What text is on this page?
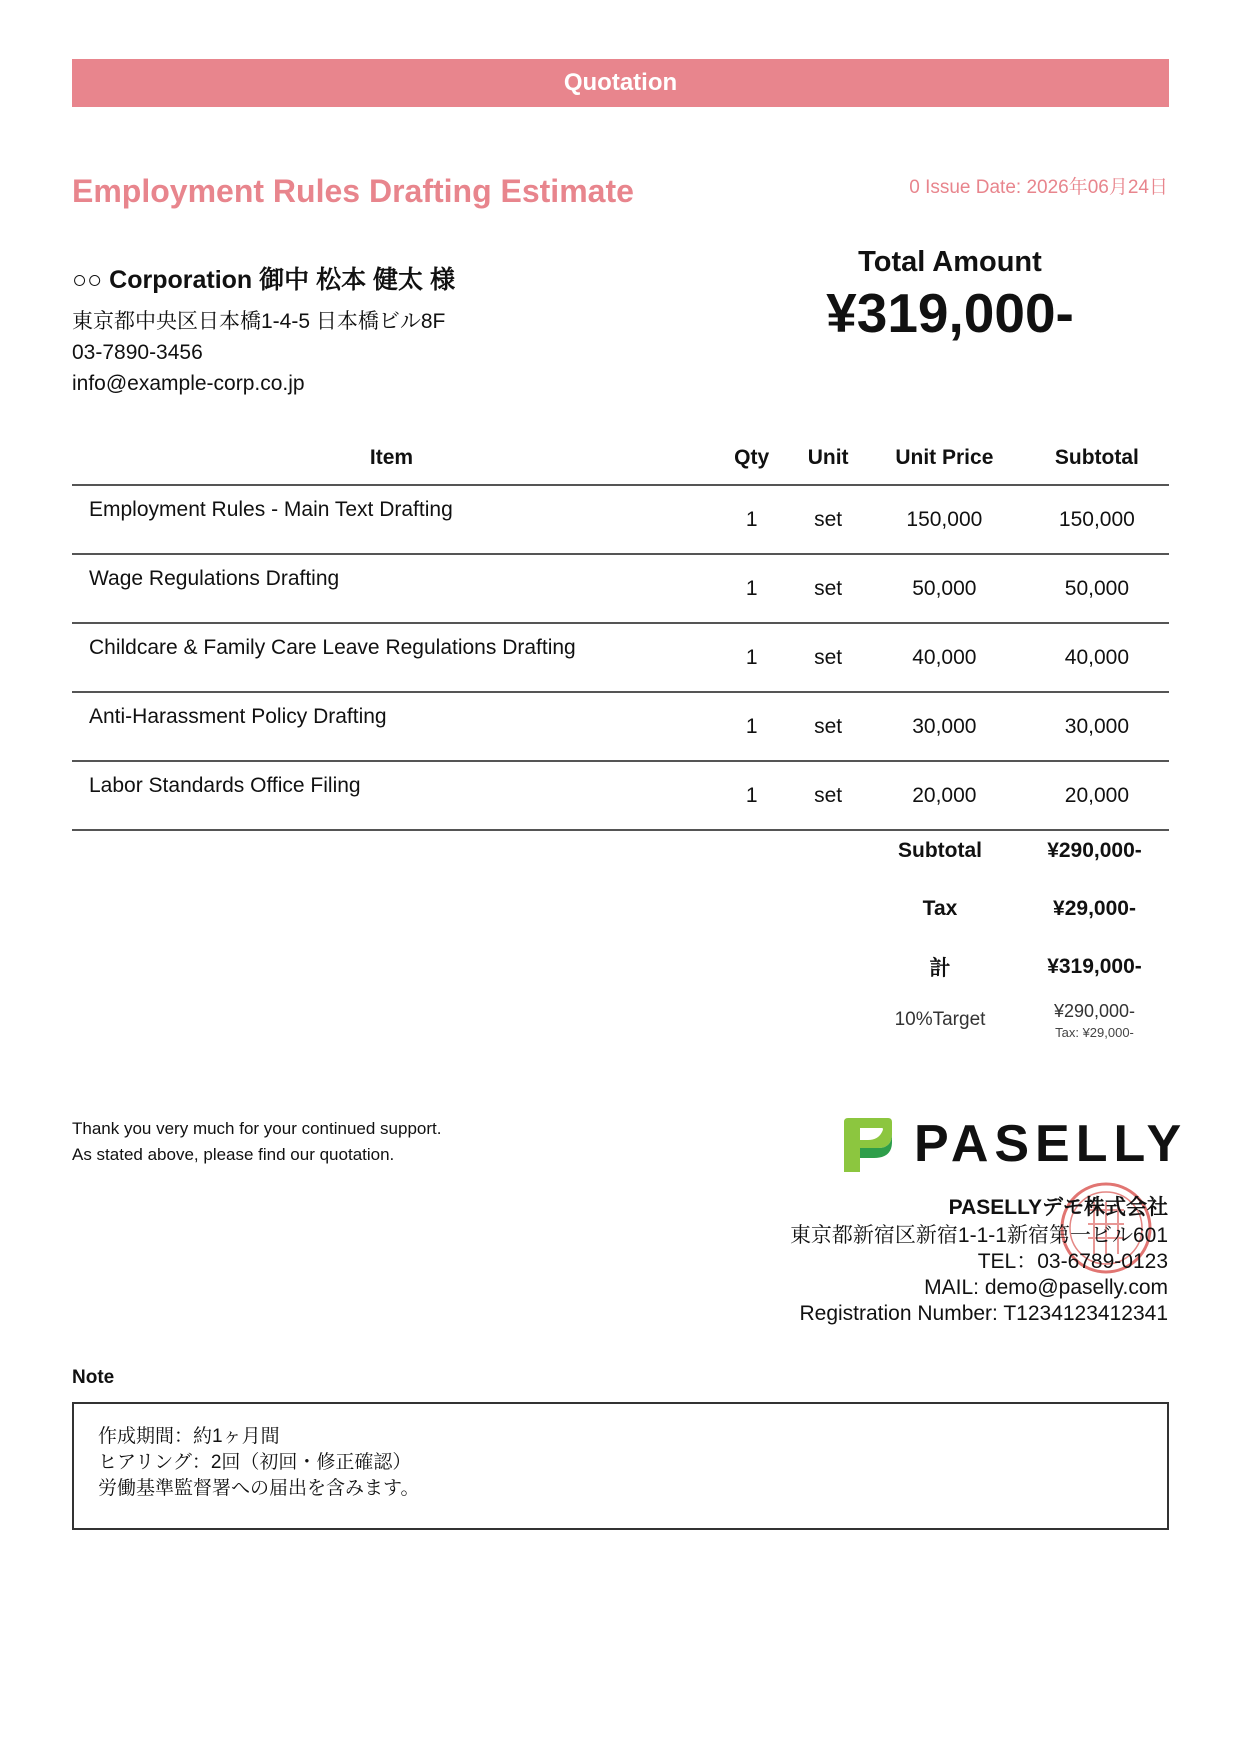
Quotation
Employment Rules Drafting Estimate	0 Issue Date: 2026年06月24日
○○ Corporation 御中 松本 健太 様
東京都中央区日本橋1-4-5 日本橋ビル8F
03-7890-3456
info@example-corp.co.jp
Total Amount
¥319,000-
Item	Qty	Unit	Unit Price	Subtotal
Employment Rules - Main Text Drafting	1	set	150,000	150,000
Wage Regulations Drafting	1	set	50,000	50,000
Childcare & Family Care Leave Regulations Drafting	1	set	40,000	40,000
Anti-Harassment Policy Drafting	1	set	30,000	30,000
Labor Standards Office Filing	1	set	20,000	20,000
Subtotal	¥290,000-
Tax	¥29,000-
計	¥319,000-
10%Target	¥290,000-
Tax: ¥29,000-
Thank you very much for your continued support.
As stated above, please find our quotation.	PASELLY
PASELLYデモ株式会社
東京都新宿区新宿1-1-1新宿第一ビル601
TEL：03-6789-0123
MAIL: demo@paselly.com
Registration Number: T1234123412341
Note
作成期間：約1ヶ月間
ヒアリング：2回（初回・修正確認）
労働基準監督署への届出を含みます。
